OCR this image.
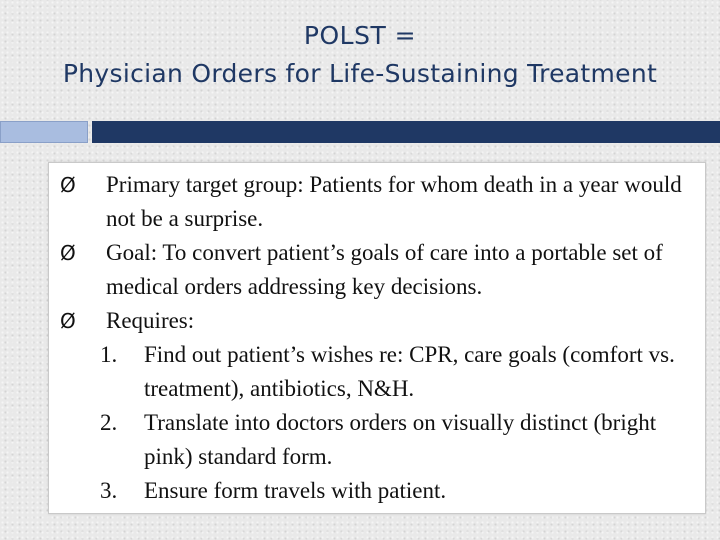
POLST =
Physician Orders for Life-Sustaining Treatment
Ø Primary target group: Patients for whom death in a year would not be a surprise.
Ø Goal: To convert patient’s goals of care into a portable set of medical orders addressing key decisions.
Ø Requires:
1. Find out patient’s wishes re: CPR, care goals (comfort vs. treatment), antibiotics, N&H.
2. Translate into doctors orders on visually distinct (bright pink) standard form.
3. Ensure form travels with patient.
